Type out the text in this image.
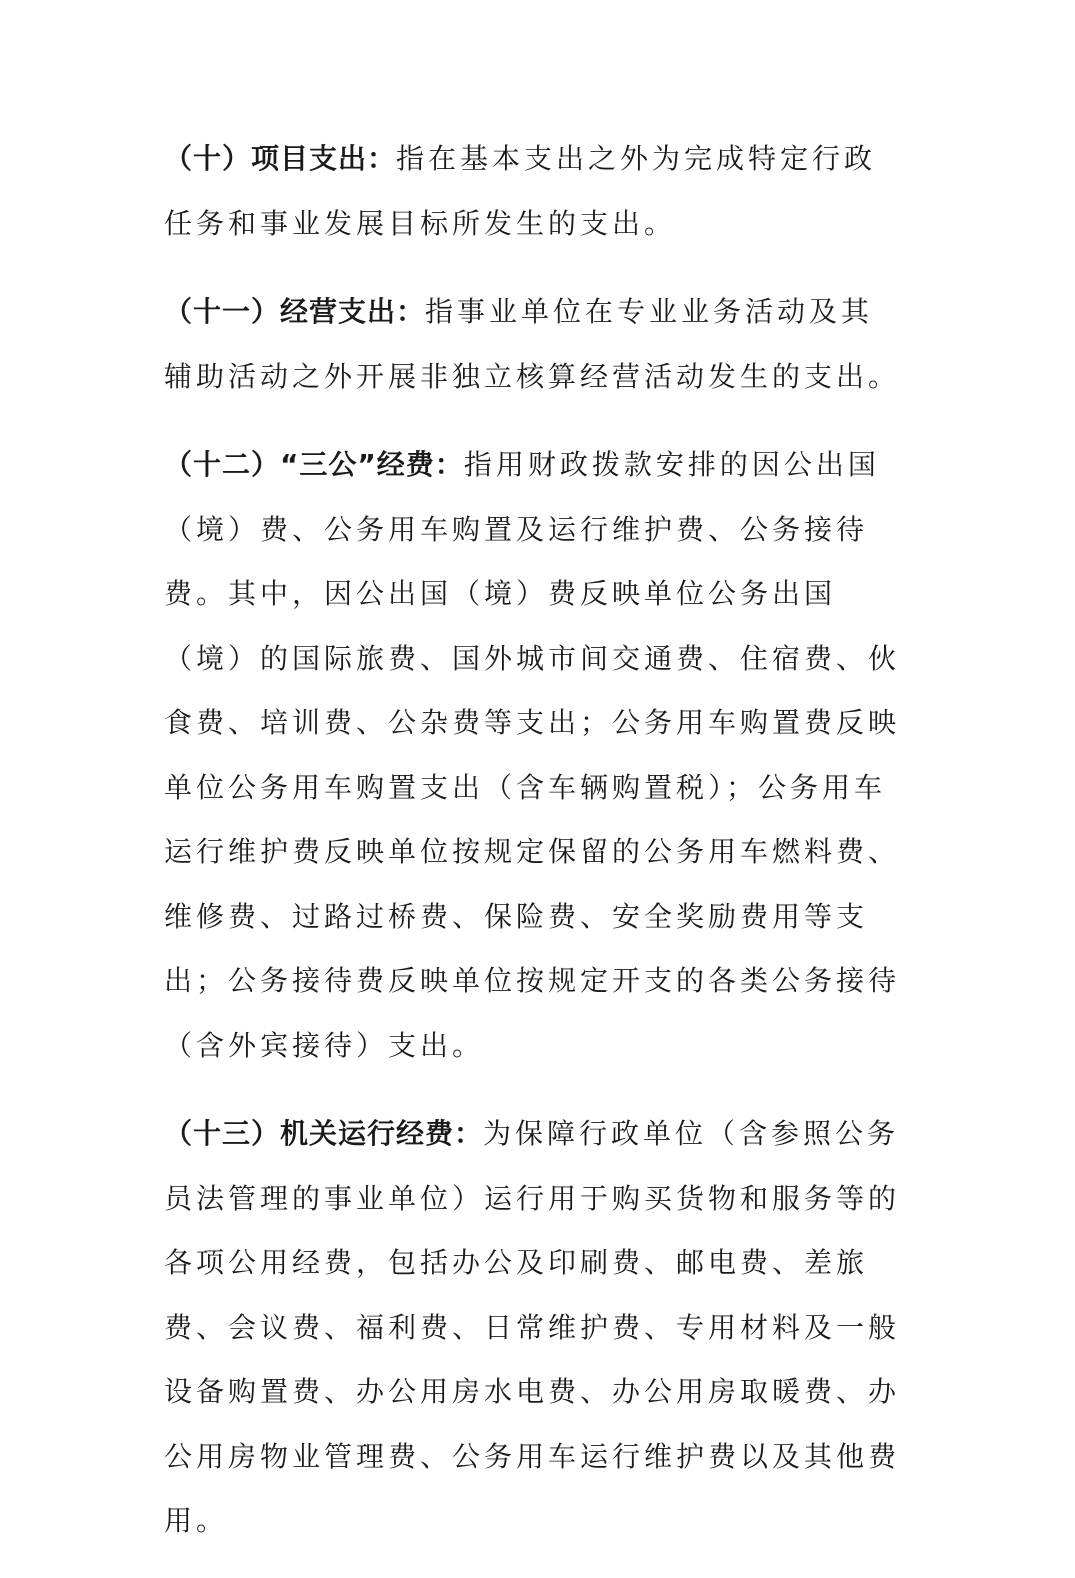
（十）项目支出：指在基本支出之外为完成特定行政任务和事业发展目标所发生的支出。

（十一）经营支出：指事业单位在专业业务活动及其辅助活动之外开展非独立核算经营活动发生的支出。

（十二）“三公”经费：指用财政拨款安排的因公出国（境）费、公务用车购置及运行维护费、公务接待费。其中，因公出国（境）费反映单位公务出国（境）的国际旅费、国外城市间交通费、住宿费、伙食费、培训费、公杂费等支出；公务用车购置费反映单位公务用车购置支出（含车辆购置税）；公务用车运行维护费反映单位按规定保留的公务用车燃料费、维修费、过路过桥费、保险费、安全奖励费用等支出；公务接待费反映单位按规定开支的各类公务接待（含外宾接待）支出。

（十三）机关运行经费：为保障行政单位（含参照公务员法管理的事业单位）运行用于购买货物和服务等的各项公用经费，包括办公及印刷费、邮电费、差旅费、会议费、福利费、日常维护费、专用材料及一般设备购置费、办公用房水电费、办公用房取暖费、办公用房物业管理费、公务用车运行维护费以及其他费用。
